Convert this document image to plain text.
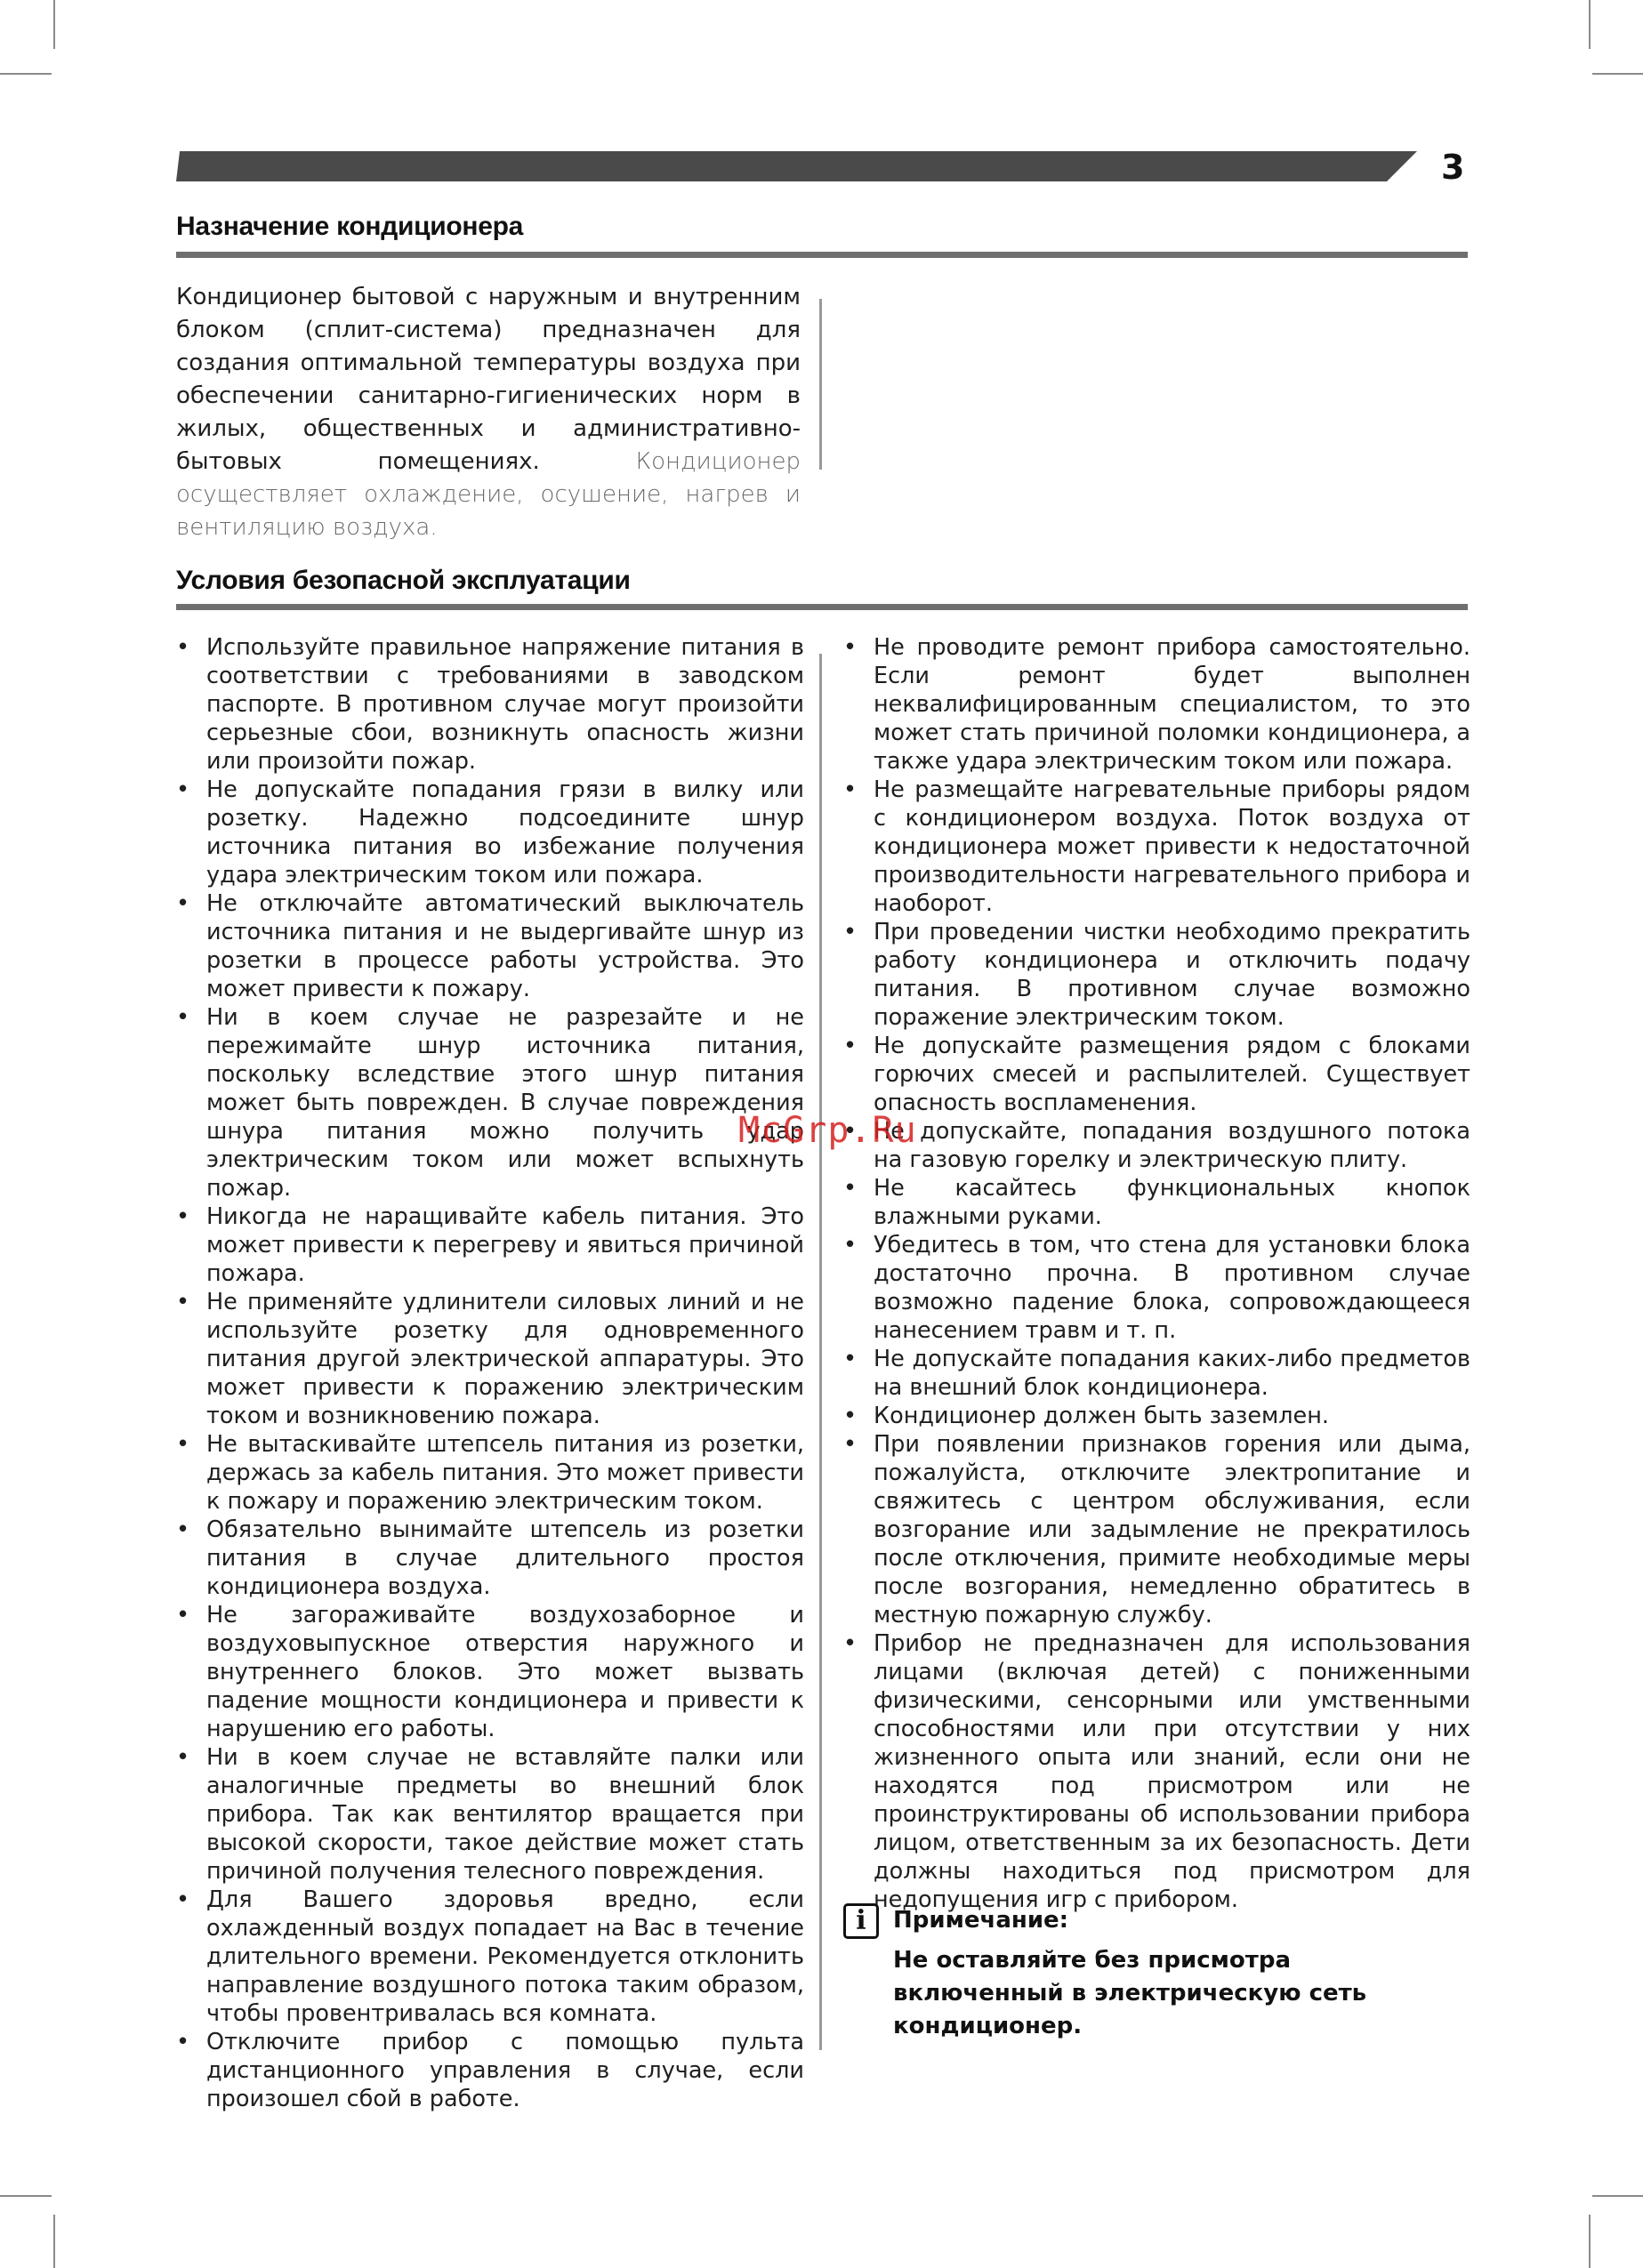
3
Назначение кондиционера
Кондиционер бытовой с наружным и внутренним блоком (сплит-система) предназначен для создания оптимальной температуры воздуха при обеспечении санитарно-гигиенических норм в жилых, общественных и административно-бытовых помещениях.	Кондиционер осуществляет охлаждение, осушение, нагрев и вентиляцию воздуха.
Условия безопасной эксплуатации
• Используйте правильное напряжение питания в соответствии с требованиями в заводском паспорте. В противном случае могут произойти серьезные сбои, возникнуть опасность жизни или произойти пожар.
• Не допускайте попадания грязи в вилку или розетку. Надежно подсоедините шнур источника питания во избежание получения удара электрическим током или пожара.
• Не отключайте автоматический выключатель источника питания и не выдергивайте шнур из розетки в процессе работы устройства. Это может привести к пожару.
• Ни в коем случае не разрезайте и не пережимайте шнур источника питания, поскольку вследствие этого шнур питания может быть поврежден. В случае повреждения шнура питания можно получить удар электрическим током или может вспыхнуть пожар.
• Никогда не наращивайте кабель питания. Это может привести к перегреву и явиться причиной пожара.
• Не применяйте удлинители силовых линий и не используйте розетку для одновременного питания другой электрической аппаратуры. Это может привести к поражению электрическим током и возникновению пожара.
• Не вытаскивайте штепсель питания из розетки, держась за кабель питания. Это может привести к пожару и поражению электрическим током.
• Обязательно вынимайте штепсель из розетки питания в случае длительного простоя кондиционера воздуха.
• Не загораживайте воздухозаборное и воздуховыпускное отверстия наружного и внутреннего блоков. Это может вызвать падение мощности кондиционера и привести к нарушению его работы.
• Ни в коем случае не вставляйте палки или аналогичные предметы во внешний блок прибора. Так как вентилятор вращается при высокой скорости, такое действие может стать причиной получения телесного повреждения.
• Для Вашего здоровья вредно, если охлажденный воздух попадает на Вас в течение длительного времени. Рекомендуется отклонить направление воздушного потока таким образом, чтобы провентривалась вся комната.
• Отключите прибор с помощью пульта дистанционного управления в случае, если произошел сбой в работе.
• Не проводите ремонт прибора самостоятельно. Если ремонт будет выполнен неквалифицированным специалистом, то это может стать причиной поломки кондиционера, а также удара электрическим током или пожара.
• Не размещайте нагревательные приборы рядом с кондиционером воздуха. Поток воздуха от кондиционера может привести к недостаточной производительности нагревательного прибора и наоборот.
• При проведении чистки необходимо прекратить работу кондиционера и отключить подачу питания. В противном случае возможно поражение электрическим током.
• Не допускайте размещения рядом с блоками горючих смесей и распылителей. Существует опасность воспламенения.
• Не допускайте, попадания воздушного потока на газовую горелку и электрическую плиту.
• Не касайтесь функциональных кнопок влажными руками.
• Убедитесь в том, что стена для установки блока достаточно прочна. В противном случае возможно падение блока, сопровождающееся нанесением травм и т. п.
• Не допускайте попадания каких-либо предметов на внешний блок кондиционера.
• Кондиционер должен быть заземлен.
• При появлении признаков горения или дыма, пожалуйста, отключите электропитание и свяжитесь с центром обслуживания, если возгорание или задымление не прекратилось после отключения, примите необходимые меры после возгорания, немедленно обратитесь в местную пожарную службу.
• Прибор не предназначен для использования лицами (включая детей) с пониженными физическими, сенсорными или умственными способностями или при отсутствии у них жизненного опыта или знаний, если они не находятся под присмотром или не проинструктированы об использовании прибора лицом, ответственным за их безопасность. Дети должны находиться под присмотром для недопущения игр с прибором.
i	Примечание:
Не оставляйте без присмотра включенный в электрическую сеть кондиционер.
McGrp.Ru
